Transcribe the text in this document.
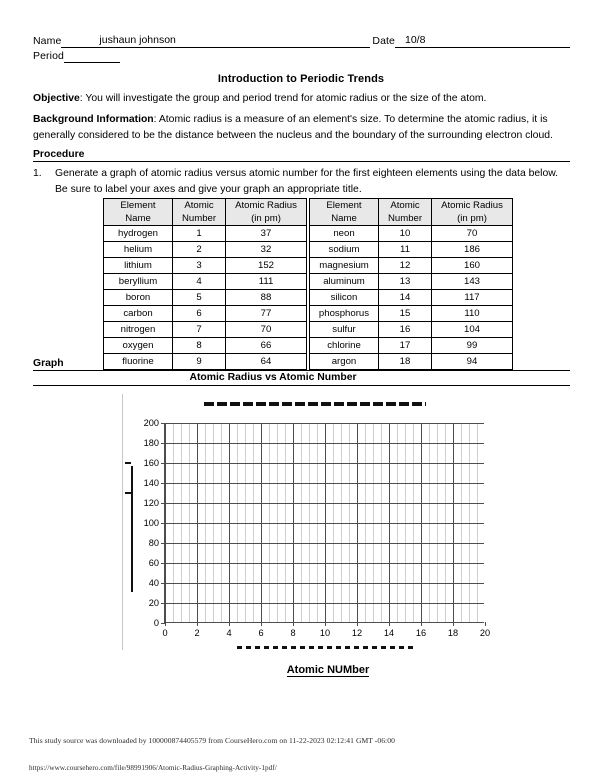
Name	jushaun johnson	Date 10/8
Period
Introduction to Periodic Trends
Objective: You will investigate the group and period trend for atomic radius or the size of the atom.
Background Information: Atomic radius is a measure of an element's size. To determine the atomic radius, it is generally considered to be the distance between the nucleus and the boundary of the surrounding electron cloud.
Procedure
1. Generate a graph of atomic radius versus atomic number for the first eighteen elements using the data below. Be sure to label your axes and give your graph an appropriate title.
Element
Name

Atomic
Number

Atomic Radius
(in pm)

hydrogen	1	37
helium	2	32
lithium	3	152
beryllium	4	111
boron	5	88
carbon	6	77
nitrogen	7	70
oxygen	8	66
fluorine	9	64
Element
Name

Atomic
Number

Atomic Radius
(in pm)

neon	10	70
sodium	11	186
magnesium	12	160
aluminum	13	143
silicon	14	117
phosphorus	15	110
sulfur	16	104
chlorine	17	99
argon	18	94
Graph
Atomic Radius vs Atomic Number
0
20
40
60
80
100
120
140
160
180
200
0	2	4	6	8	10	12	14	16	18	20
Atomic NUMber
This study source was downloaded by 100000874405579 from CourseHero.com on 11-22-2023 02:12:41 GMT -06:00
https://www.coursehero.com/file/98991906/Atomic-Radius-Graphing-Activity-1pdf/
